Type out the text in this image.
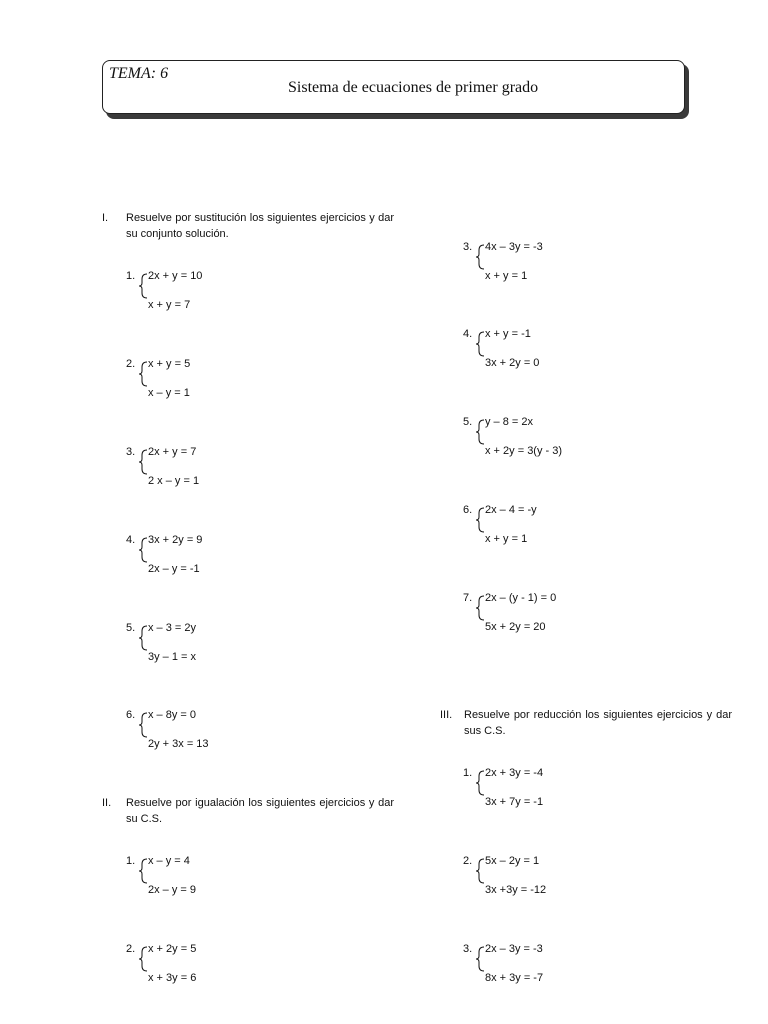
TEMA: 6
Sistema de ecuaciones de primer grado
I. Resuelve por sustitución los siguientes ejercicios y dar su conjunto solución.
II. Resuelve por igualación los siguientes ejercicios y dar su C.S.
III. Resuelve por reducción los siguientes ejercicios y dar sus C.S.
1. 2x + y = 10
x + y = 7
2. x + y = 5
x – y = 1
3. 2x + y = 7
2 x – y = 1
4. 3x + 2y = 9
2x – y = -1
5. x – 3 = 2y
3y – 1 = x
6. x – 8y = 0
2y + 3x = 13
1. x – y = 4
2x – y = 9
2. x + 2y = 5
x + 3y = 6
3. 4x – 3y = -3
x + y = 1
4. x + y = -1
3x + 2y = 0
5. y – 8 = 2x
x + 2y = 3(y - 3)
6. 2x – 4 = -y
x + y = 1
7. 2x – (y - 1) = 0
5x + 2y = 20
1. 2x + 3y = -4
3x + 7y = -1
2. 5x – 2y = 1
3x +3y = -12
3. 2x – 3y = -3
8x + 3y = -7
